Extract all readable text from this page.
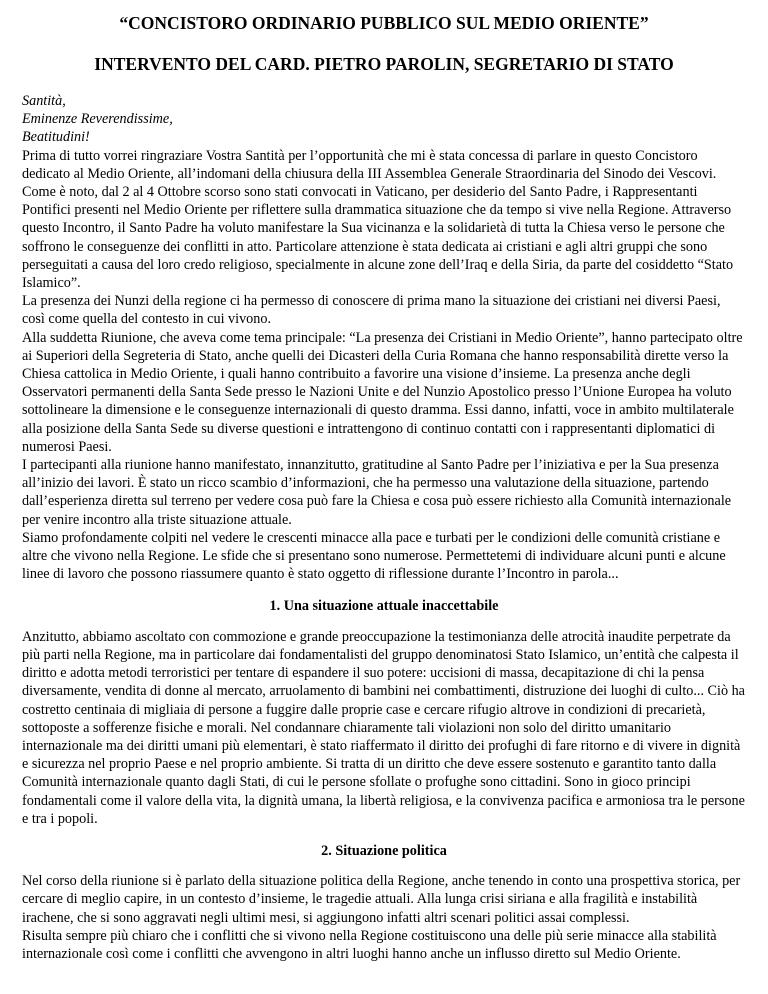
“CONCISTORO ORDINARIO PUBBLICO SUL MEDIO ORIENTE”
INTERVENTO DEL CARD. PIETRO PAROLIN, SEGRETARIO DI STATO

Santità,

Eminenze Reverendissime,

Beatitudini!

Prima di tutto vorrei ringraziare Vostra Santità per l’opportunità che mi è stata concessa di parlare in questo Concistoro dedicato al Medio Oriente, all’indomani della chiusura della III Assemblea Generale Straordinaria del Sinodo dei Vescovi.

Come è noto, dal 2 al 4 Ottobre scorso sono stati convocati in Vaticano, per desiderio del Santo Padre, i Rappresentanti Pontifici presenti nel Medio Oriente per riflettere sulla drammatica situazione che da tempo si vive nella Regione. Attraverso questo Incontro, il Santo Padre ha voluto manifestare la Sua vicinanza e la solidarietà di tutta la Chiesa verso le persone che soffrono le conseguenze dei conflitti in atto. Particolare attenzione è stata dedicata ai cristiani e agli altri gruppi che sono perseguitati a causa del loro credo religioso, specialmente in alcune zone dell’Iraq e della Siria, da parte del cosiddetto “Stato Islamico”.

La presenza dei Nunzi della regione ci ha permesso di conoscere di prima mano la situazione dei cristiani nei diversi Paesi, così come quella del contesto in cui vivono.

Alla suddetta Riunione, che aveva come tema principale: “La presenza dei Cristiani in Medio Oriente”, hanno partecipato oltre ai Superiori della Segreteria di Stato, anche quelli dei Dicasteri della Curia Romana che hanno responsabilità dirette verso la Chiesa cattolica in Medio Oriente, i quali hanno contribuito a favorire una visione d’insieme. La presenza anche degli Osservatori permanenti della Santa Sede presso le Nazioni Unite e del Nunzio Apostolico presso l’Unione Europea ha voluto sottolineare la dimensione e le conseguenze internazionali di questo dramma. Essi danno, infatti, voce in ambito multilaterale alla posizione della Santa Sede su diverse questioni e intrattengono di continuo contatti con i rappresentanti diplomatici di numerosi Paesi.

I partecipanti alla riunione hanno manifestato, innanzitutto, gratitudine al Santo Padre per l’iniziativa e per la Sua presenza all’inizio dei lavori. È stato un ricco scambio d’informazioni, che ha permesso una valutazione della situazione, partendo dall’esperienza diretta sul terreno per vedere cosa può fare la Chiesa e cosa può essere richiesto alla Comunità internazionale per venire incontro alla triste situazione attuale.

Siamo profondamente colpiti nel vedere le crescenti minacce alla pace e turbati per le condizioni delle comunità cristiane e altre che vivono nella Regione. Le sfide che si presentano sono numerose. Permettetemi di individuare alcuni punti e alcune linee di lavoro che possono riassumere quanto è stato oggetto di riflessione durante l’Incontro in parola...

1. Una situazione attuale inaccettabile

Anzitutto, abbiamo ascoltato con commozione e grande preoccupazione la testimonianza delle atrocità inaudite perpetrate da più parti nella Regione, ma in particolare dai fondamentalisti del gruppo denominatosi Stato Islamico, un’entità che calpesta il diritto e adotta metodi terroristici per tentare di espandere il suo potere: uccisioni di massa, decapitazione di chi la pensa diversamente, vendita di donne al mercato, arruolamento di bambini nei combattimenti, distruzione dei luoghi di culto... Ciò ha costretto centinaia di migliaia di persone a fuggire dalle proprie case e cercare rifugio altrove in condizioni di precarietà, sottoposte a sofferenze fisiche e morali. Nel condannare chiaramente tali violazioni non solo del diritto umanitario internazionale ma dei diritti umani più elementari, è stato riaffermato il diritto dei profughi di fare ritorno e di vivere in dignità e sicurezza nel proprio Paese e nel proprio ambiente. Si tratta di un diritto che deve essere sostenuto e garantito tanto dalla Comunità internazionale quanto dagli Stati, di cui le persone sfollate o profughe sono cittadini. Sono in gioco principi fondamentali come il valore della vita, la dignità umana, la libertà religiosa, e la convivenza pacifica e armoniosa tra le persone e tra i popoli.

2. Situazione politica

Nel corso della riunione si è parlato della situazione politica della Regione, anche tenendo in conto una prospettiva storica, per cercare di meglio capire, in un contesto d’insieme, le tragedie attuali. Alla lunga crisi siriana e alla fragilità e instabilità irachene, che si sono aggravati negli ultimi mesi, si aggiungono infatti altri scenari politici assai complessi.

Risulta sempre più chiaro che i conflitti che si vivono nella Regione costituiscono una delle più serie minacce alla stabilità internazionale così come i conflitti che avvengono in altri luoghi hanno anche un influsso diretto sul Medio Oriente.
